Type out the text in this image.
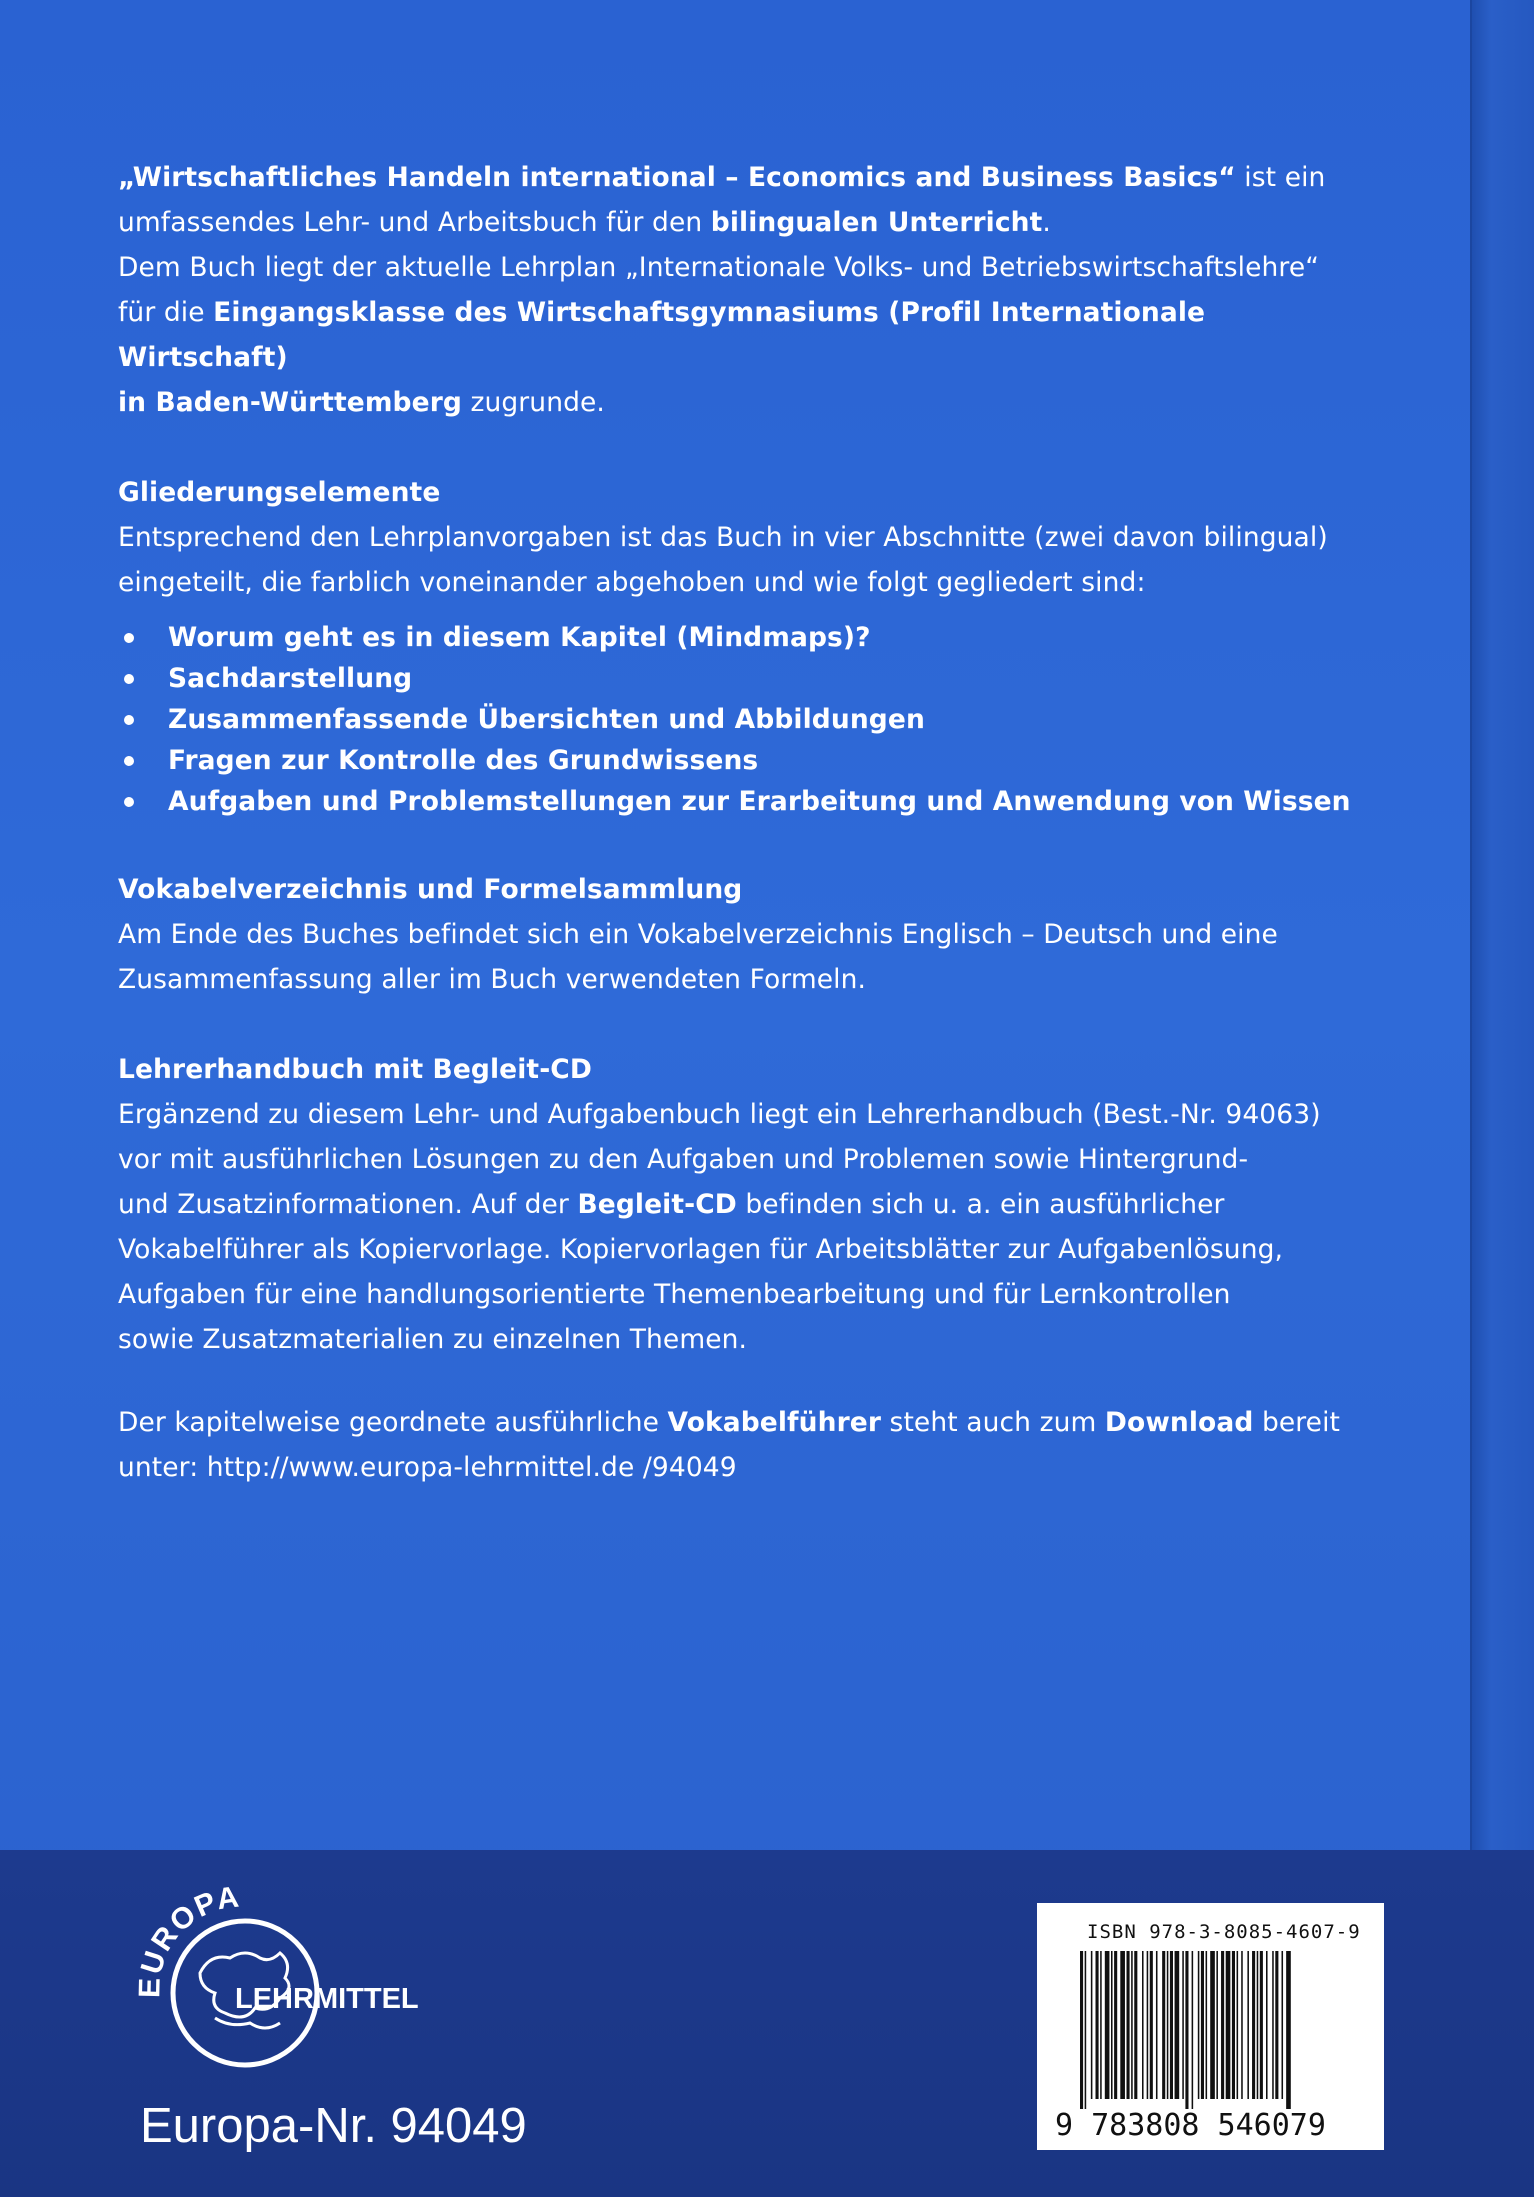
„Wirtschaftliches Handeln international – Economics and Business Basics“ ist ein

umfassendes Lehr- und Arbeitsbuch für den bilingualen Unterricht.

Dem Buch liegt der aktuelle Lehrplan „Internationale Volks- und Betriebswirtschaftslehre“

für die Eingangsklasse des Wirtschaftsgymnasiums (Profil Internationale Wirtschaft)

in Baden-Württemberg zugrunde.

Gliederungselemente

Entsprechend den Lehrplanvorgaben ist das Buch in vier Abschnitte (zwei davon bilingual)

eingeteilt, die farblich voneinander abgehoben und wie folgt gegliedert sind:

Worum geht es in diesem Kapitel (Mindmaps)?
Sachdarstellung
Zusammenfassende Übersichten und Abbildungen
Fragen zur Kontrolle des Grundwissens
Aufgaben und Problemstellungen zur Erarbeitung und Anwendung von Wissen

Vokabelverzeichnis und Formelsammlung

Am Ende des Buches befindet sich ein Vokabelverzeichnis Englisch – Deutsch und eine

Zusammenfassung aller im Buch verwendeten Formeln.

Lehrerhandbuch mit Begleit-CD

Ergänzend zu diesem Lehr- und Aufgabenbuch liegt ein Lehrerhandbuch (Best.-Nr. 94063)

vor mit ausführlichen Lösungen zu den Aufgaben und Problemen sowie Hintergrund-

und Zusatzinformationen. Auf der Begleit-CD befinden sich u. a. ein ausführlicher

Vokabelführer als Kopiervorlage. Kopiervorlagen für Arbeitsblätter zur Aufgabenlösung,

Aufgaben für eine handlungsorientierte Themenbearbeitung und für Lernkontrollen

sowie Zusatzmaterialien zu einzelnen Themen.

Der kapitelweise geordnete ausführliche Vokabelführer steht auch zum Download bereit

unter: http://www.europa-lehrmittel.de /94049

EUROPA
LEHRMITTEL
Europa-Nr. 94049
ISBN 978-3-8085-4607-9
9 783808 546079
